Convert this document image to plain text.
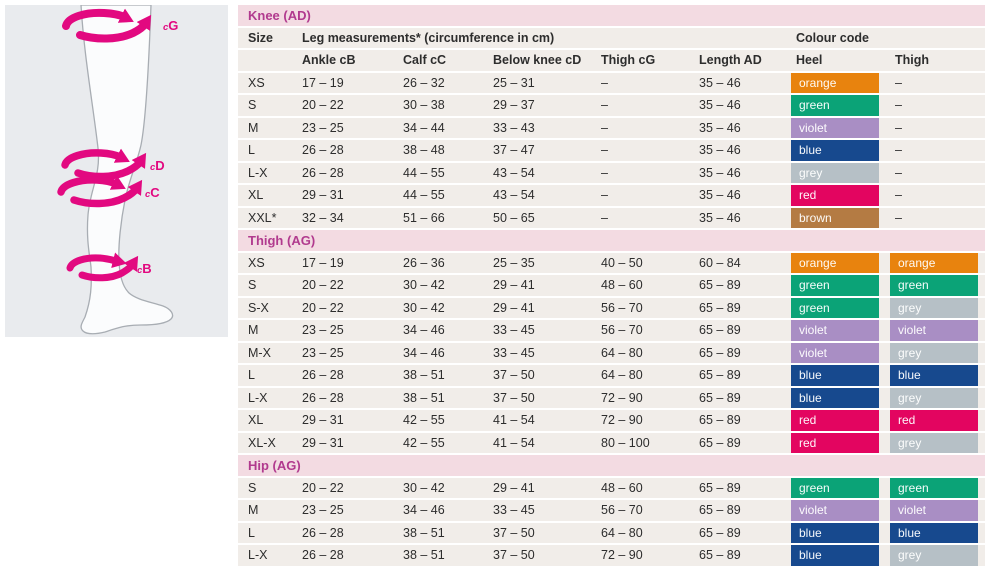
cG
cD
cC
cB
Knee (AD)
Size	Leg measurements* (circumference in cm)	Colour code
Ankle cB	Calf cC	Below knee cD	Thigh cG	Length AD	Heel	Thigh
XS	17 – 19	26 – 32	25 – 31	–	35 – 46	orange	–
S	20 – 22	30 – 38	29 – 37	–	35 – 46	green	–
M	23 – 25	34 – 44	33 – 43	–	35 – 46	violet	–
L	26 – 28	38 – 48	37 – 47	–	35 – 46	blue	–
L-X	26 – 28	44 – 55	43 – 54	–	35 – 46	grey	–
XL	29 – 31	44 – 55	43 – 54	–	35 – 46	red	–
XXL*	32 – 34	51 – 66	50 – 65	–	35 – 46	brown	–
Thigh (AG)
XS	17 – 19	26 – 36	25 – 35	40 – 50	60 – 84	orange	orange
S	20 – 22	30 – 42	29 – 41	48 – 60	65 – 89	green	green
S-X	20 – 22	30 – 42	29 – 41	56 – 70	65 – 89	green	grey
M	23 – 25	34 – 46	33 – 45	56 – 70	65 – 89	violet	violet
M-X	23 – 25	34 – 46	33 – 45	64 – 80	65 – 89	violet	grey
L	26 – 28	38 – 51	37 – 50	64 – 80	65 – 89	blue	blue
L-X	26 – 28	38 – 51	37 – 50	72 – 90	65 – 89	blue	grey
XL	29 – 31	42 – 55	41 – 54	72 – 90	65 – 89	red	red
XL-X	29 – 31	42 – 55	41 – 54	80 – 100	65 – 89	red	grey
Hip (AG)
S	20 – 22	30 – 42	29 – 41	48 – 60	65 – 89	green	green
M	23 – 25	34 – 46	33 – 45	56 – 70	65 – 89	violet	violet
L	26 – 28	38 – 51	37 – 50	64 – 80	65 – 89	blue	blue
L-X	26 – 28	38 – 51	37 – 50	72 – 90	65 – 89	blue	grey
